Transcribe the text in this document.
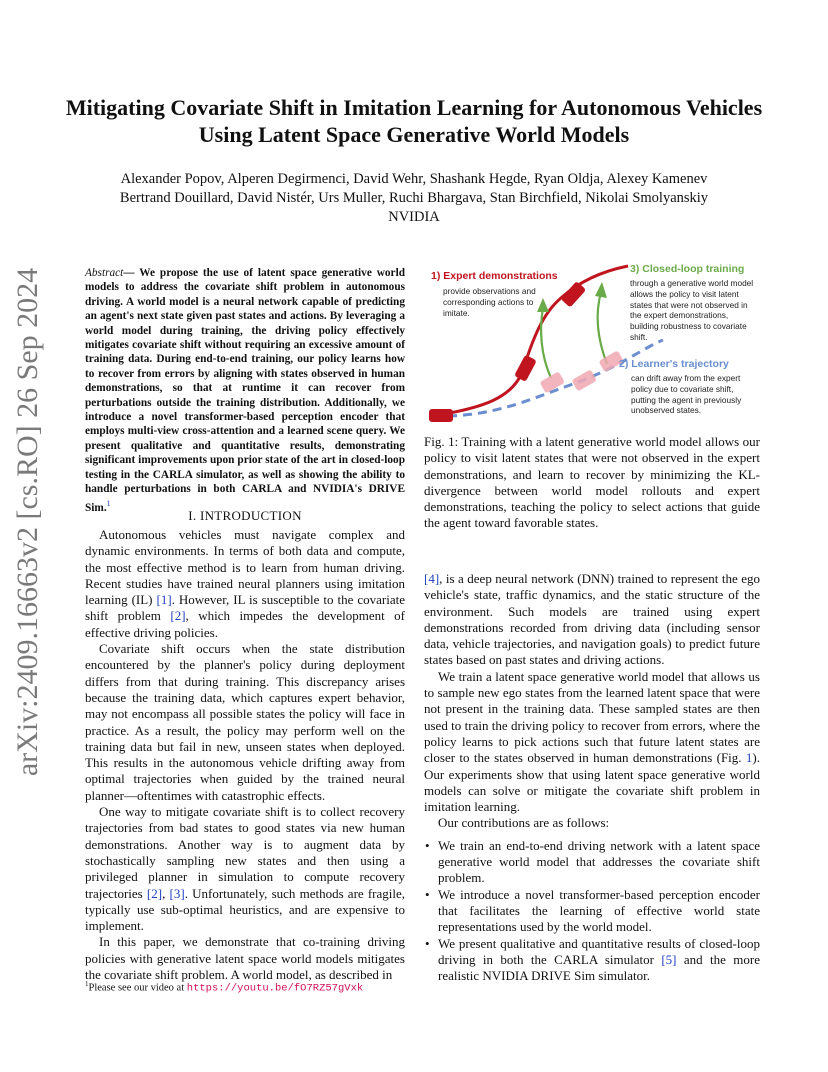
arXiv:2409.16663v2 [cs.RO] 26 Sep 2024
Mitigating Covariate Shift in Imitation Learning for Autonomous Vehicles Using Latent Space Generative World Models
Alexander Popov, Alperen Degirmenci, David Wehr, Shashank Hegde, Ryan Oldja, Alexey Kamenev
Bertrand Douillard, David Nistér, Urs Muller, Ruchi Bhargava, Stan Birchfield, Nikolai Smolyanskiy
NVIDIA

Abstract— We propose the use of latent space generative world models to address the covariate shift problem in autonomous driving. A world model is a neural network capable of predicting an agent's next state given past states and actions. By leveraging a world model during training, the driving policy effectively mitigates covariate shift without requiring an excessive amount of training data. During end-to-end training, our policy learns how to recover from errors by aligning with states observed in human demonstrations, so that at runtime it can recover from perturbations outside the training distribution. Additionally, we introduce a novel transformer-based perception encoder that employs multi-view cross-attention and a learned scene query. We present qualitative and quantitative results, demonstrating significant improvements upon prior state of the art in closed-loop testing in the CARLA simulator, as well as showing the ability to handle perturbations in both CARLA and NVIDIA's DRIVE Sim.$^1$

I. INTRODUCTION

Autonomous vehicles must navigate complex and dynamic environments. In terms of both data and compute, the most effective method is to learn from human driving. Recent studies have trained neural planners using imitation learning (IL) [1]. However, IL is susceptible to the covariate shift problem [2], which impedes the development of effective driving policies.

Covariate shift occurs when the state distribution encountered by the planner's policy during deployment differs from that during training. This discrepancy arises because the training data, which captures expert behavior, may not encompass all possible states the policy will face in practice. As a result, the policy may perform well on the training data but fail in new, unseen states when deployed. This results in the autonomous vehicle drifting away from optimal trajectories when guided by the trained neural planner—oftentimes with catastrophic effects.

One way to mitigate covariate shift is to collect recovery trajectories from bad states to good states via new human demonstrations. Another way is to augment data by stochastically sampling new states and then using a privileged planner in simulation to compute recovery trajectories [2], [3]. Unfortunately, such methods are fragile, typically use sub-optimal heuristics, and are expensive to implement.

In this paper, we demonstrate that co-training driving policies with generative latent space world models mitigates the covariate shift problem. A world model, as described in

$^1$Please see our video at https://youtu.be/fO7RZ57gVxk
1) Expert demonstrations
provide observations and corresponding actions to imitate.
3) Closed-loop training
through a generative world model allows the policy to visit latent states that were not observed in the expert demonstrations, building robustness to covariate shift.
2) Learner's trajectory
can drift away from the expert policy due to covariate shift, putting the agent in previously unobserved states.

Fig. 1: Training with a latent generative world model allows our policy to visit latent states that were not observed in the expert demonstrations, and learn to recover by minimizing the KL-divergence between world model rollouts and expert demonstrations, teaching the policy to select actions that guide the agent toward favorable states.

[4], is a deep neural network (DNN) trained to represent the ego vehicle's state, traffic dynamics, and the static structure of the environment. Such models are trained using expert demonstrations recorded from driving data (including sensor data, vehicle trajectories, and navigation goals) to predict future states based on past states and driving actions.

We train a latent space generative world model that allows us to sample new ego states from the learned latent space that were not present in the training data. These sampled states are then used to train the driving policy to recover from errors, where the policy learns to pick actions such that future latent states are closer to the states observed in human demonstrations (Fig. 1). Our experiments show that using latent space generative world models can solve or mitigate the covariate shift problem in imitation learning.

Our contributions are as follows:

• We train an end-to-end driving network with a latent space generative world model that addresses the covariate shift problem.
• We introduce a novel transformer-based perception encoder that facilitates the learning of effective world state representations used by the world model.
• We present qualitative and quantitative results of closed-loop driving in both the CARLA simulator [5] and the more realistic NVIDIA DRIVE Sim simulator.
